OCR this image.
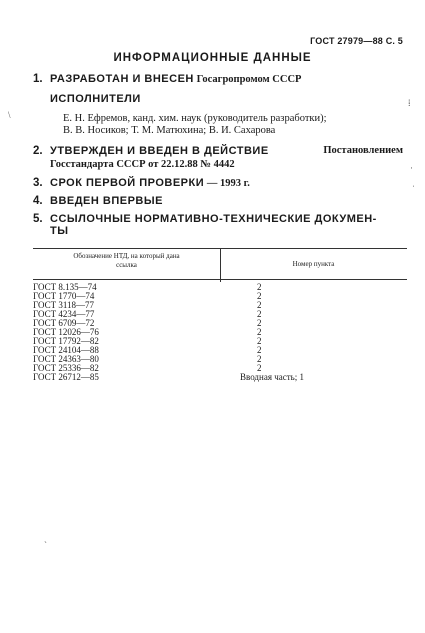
ГОСТ 27979—88 С. 5
ИНФОРМАЦИОННЫЕ ДАННЫЕ
1. РАЗРАБОТАН И ВНЕСЕН Госагропромом СССР
ИСПОЛНИТЕЛИ
Е. Н. Ефремов, канд. хим. наук (руководитель разработки);
В. В. Носиков; Т. М. Матюхина; В. И. Сахарова
2. УТВЕРЖДЕН И ВВЕДЕН В ДЕЙСТВИЕ	Постановлением
Госстандарта СССР от 22.12.88 № 4442
3. СРОК ПЕРВОЙ ПРОВЕРКИ — 1993 г.
4. ВВЕДЕН ВПЕРВЫЕ
5. ССЫЛОЧНЫЕ НОРМАТИВНО-ТЕХНИЧЕСКИЕ ДОКУМЕН-
ТЫ
Обозначение НТД, на который дана
ссылка	Номер пункта
ГОСТ 8.135—74	2
ГОСТ 1770—74	2
ГОСТ 3118—77	2
ГОСТ 4234—77	2
ГОСТ 6709—72	2
ГОСТ 12026—76	2
ГОСТ 17792—82	2
ГОСТ 24104—88	2
ГОСТ 24363—80	2
ГОСТ 25336—82	2
ГОСТ 26712—85	Вводная часть; 1
\
⁞
·
ˈ
ˋ
